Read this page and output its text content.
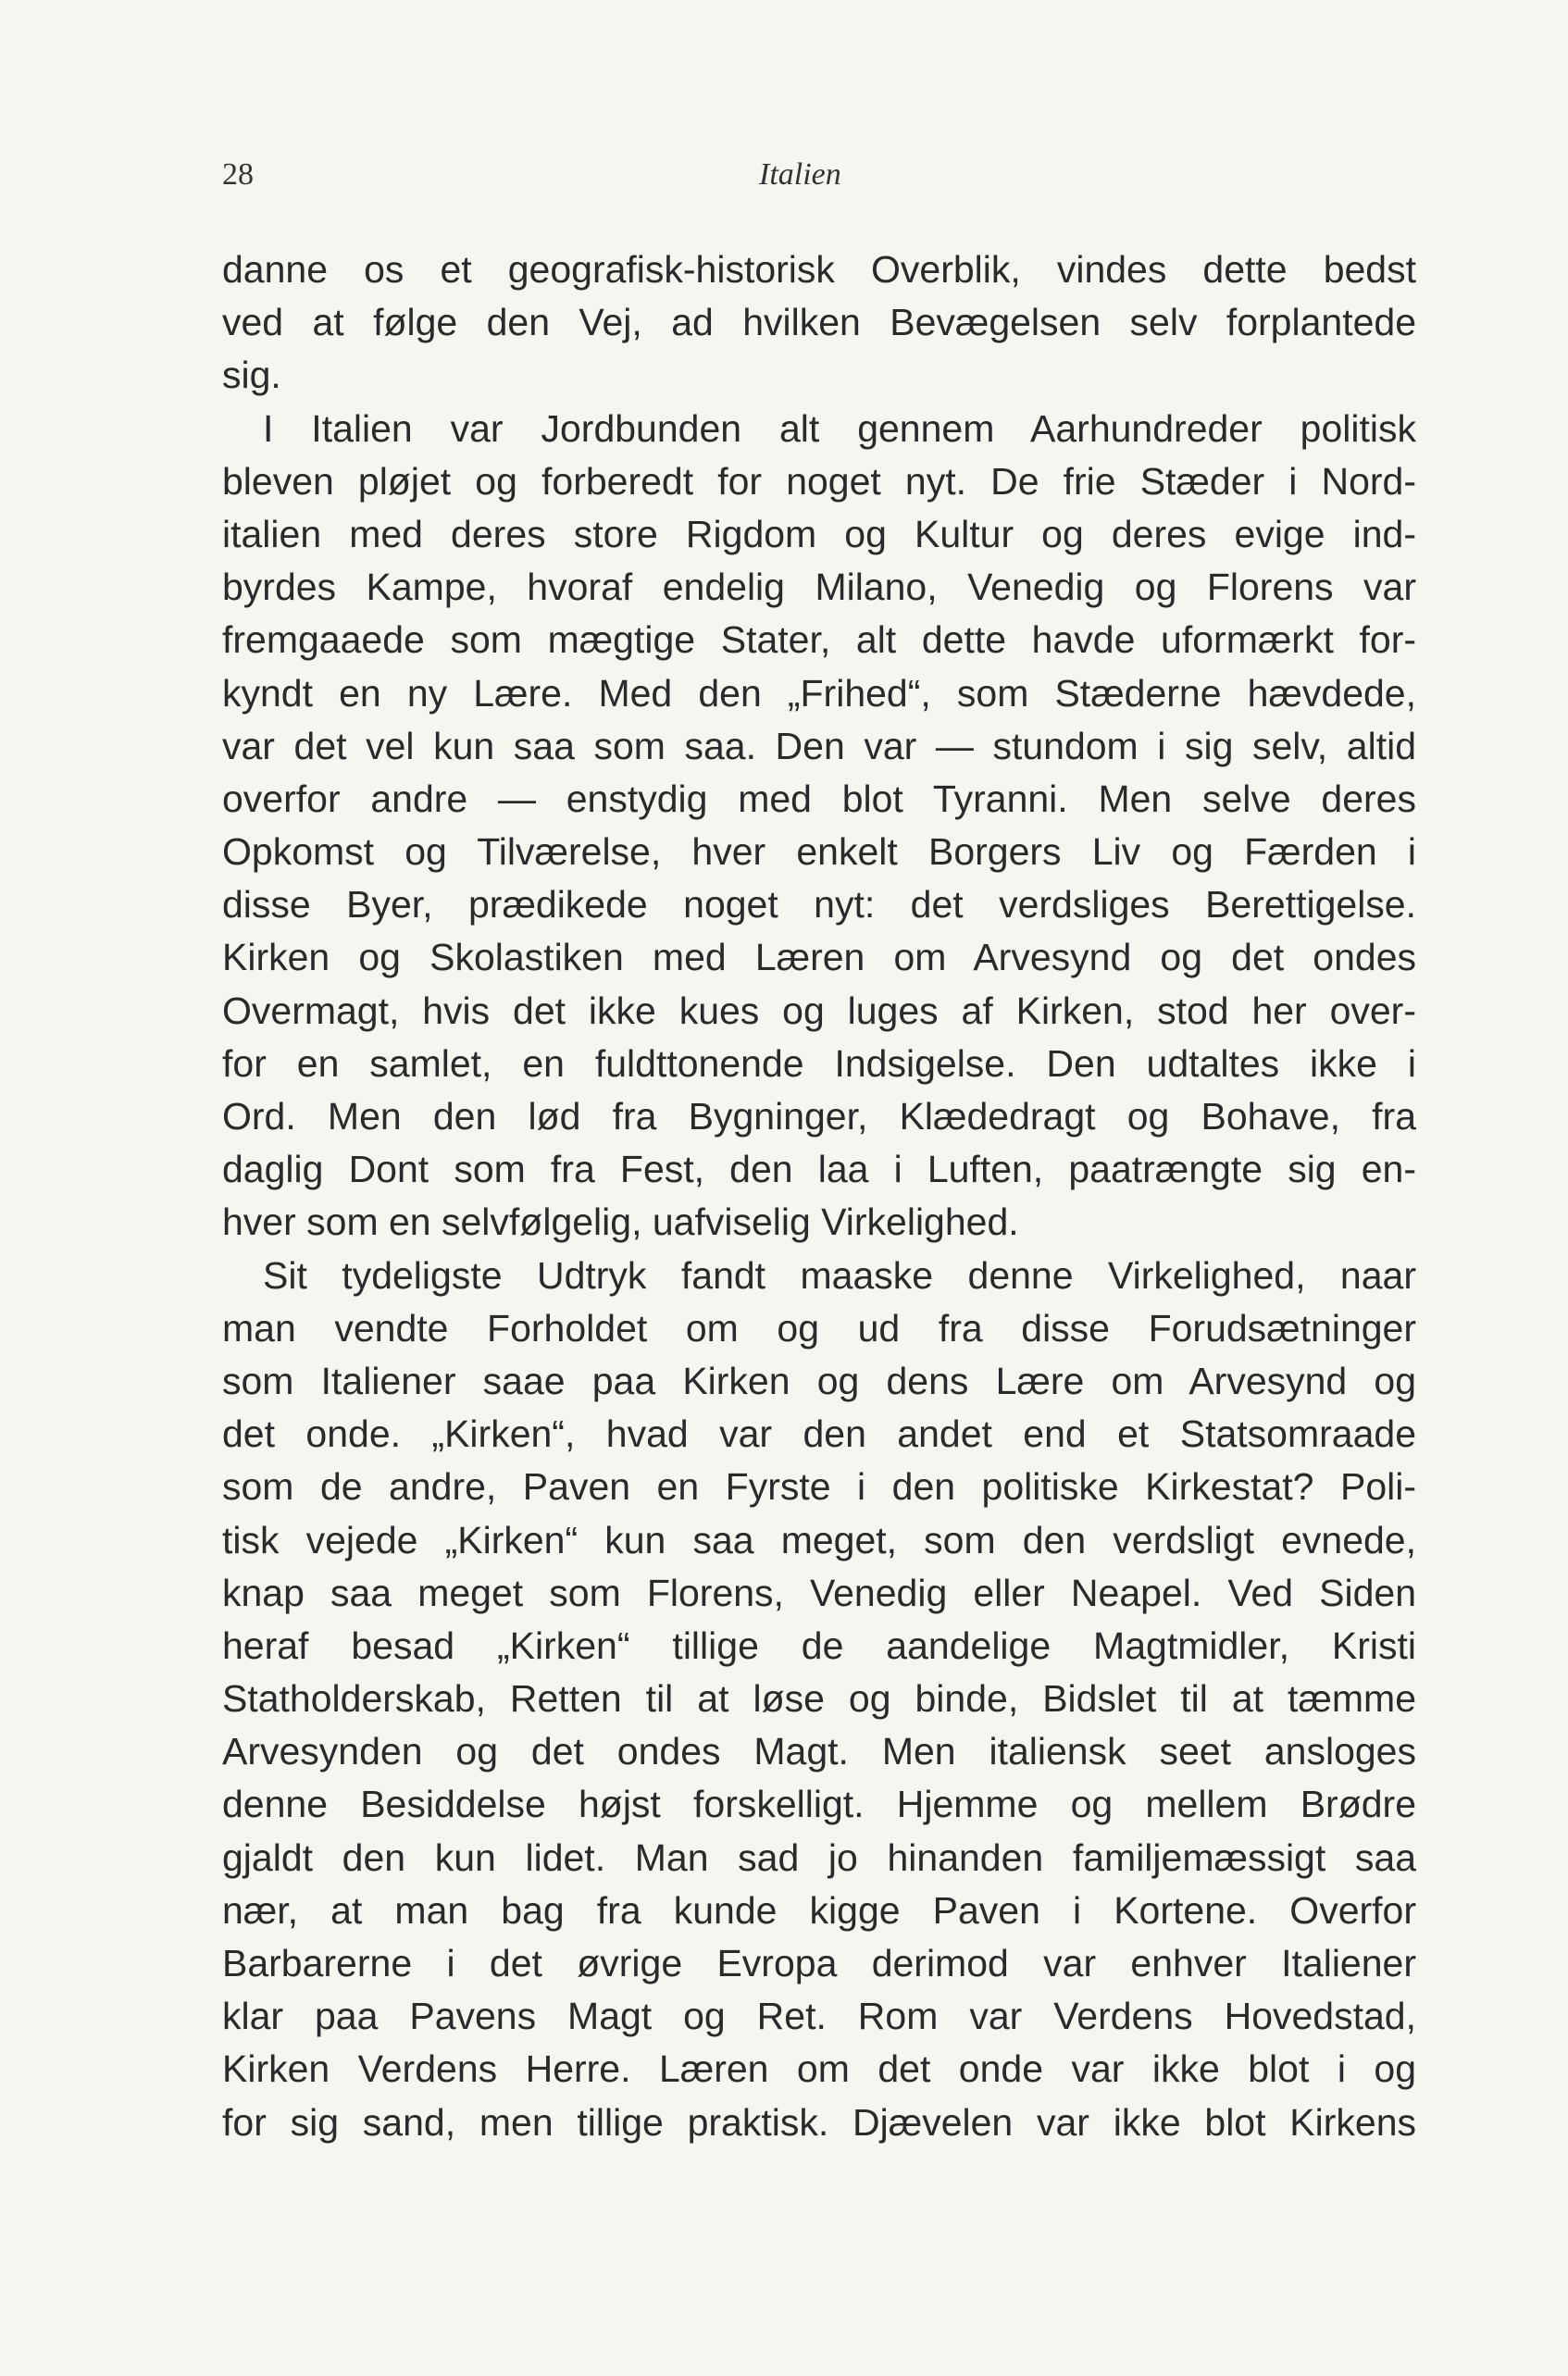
28	Italien
danne os et geografisk-historisk Overblik, vindes dette bedst
ved at følge den Vej, ad hvilken Bevægelsen selv forplantede
sig.
I Italien var Jordbunden alt gennem Aarhundreder politisk
bleven pløjet og forberedt for noget nyt. De frie Stæder i Nord-
italien med deres store Rigdom og Kultur og deres evige ind-
byrdes Kampe, hvoraf endelig Milano, Venedig og Florens var
fremgaaede som mægtige Stater, alt dette havde uformærkt for-
kyndt en ny Lære. Med den „Frihed“, som Stæderne hævdede,
var det vel kun saa som saa. Den var — stundom i sig selv, altid
overfor andre — enstydig med blot Tyranni. Men selve deres
Opkomst og Tilværelse, hver enkelt Borgers Liv og Færden i
disse Byer, prædikede noget nyt: det verdsliges Berettigelse.
Kirken og Skolastiken med Læren om Arvesynd og det ondes
Overmagt, hvis det ikke kues og luges af Kirken, stod her over-
for en samlet, en fuldttonende Indsigelse. Den udtaltes ikke i
Ord. Men den lød fra Bygninger, Klædedragt og Bohave, fra
daglig Dont som fra Fest, den laa i Luften, paatrængte sig en-
hver som en selvfølgelig, uafviselig Virkelighed.
Sit tydeligste Udtryk fandt maaske denne Virkelighed, naar
man vendte Forholdet om og ud fra disse Forudsætninger
som Italiener saae paa Kirken og dens Lære om Arvesynd og
det onde. „Kirken“, hvad var den andet end et Statsomraade
som de andre, Paven en Fyrste i den politiske Kirkestat? Poli-
tisk vejede „Kirken“ kun saa meget, som den verdsligt evnede,
knap saa meget som Florens, Venedig eller Neapel. Ved Siden
heraf besad „Kirken“ tillige de aandelige Magtmidler, Kristi
Statholderskab, Retten til at løse og binde, Bidslet til at tæmme
Arvesynden og det ondes Magt. Men italiensk seet ansloges
denne Besiddelse højst forskelligt. Hjemme og mellem Brødre
gjaldt den kun lidet. Man sad jo hinanden familjemæssigt saa
nær, at man bag fra kunde kigge Paven i Kortene. Overfor
Barbarerne i det øvrige Evropa derimod var enhver Italiener
klar paa Pavens Magt og Ret. Rom var Verdens Hovedstad,
Kirken Verdens Herre. Læren om det onde var ikke blot i og
for sig sand, men tillige praktisk. Djævelen var ikke blot Kirkens
